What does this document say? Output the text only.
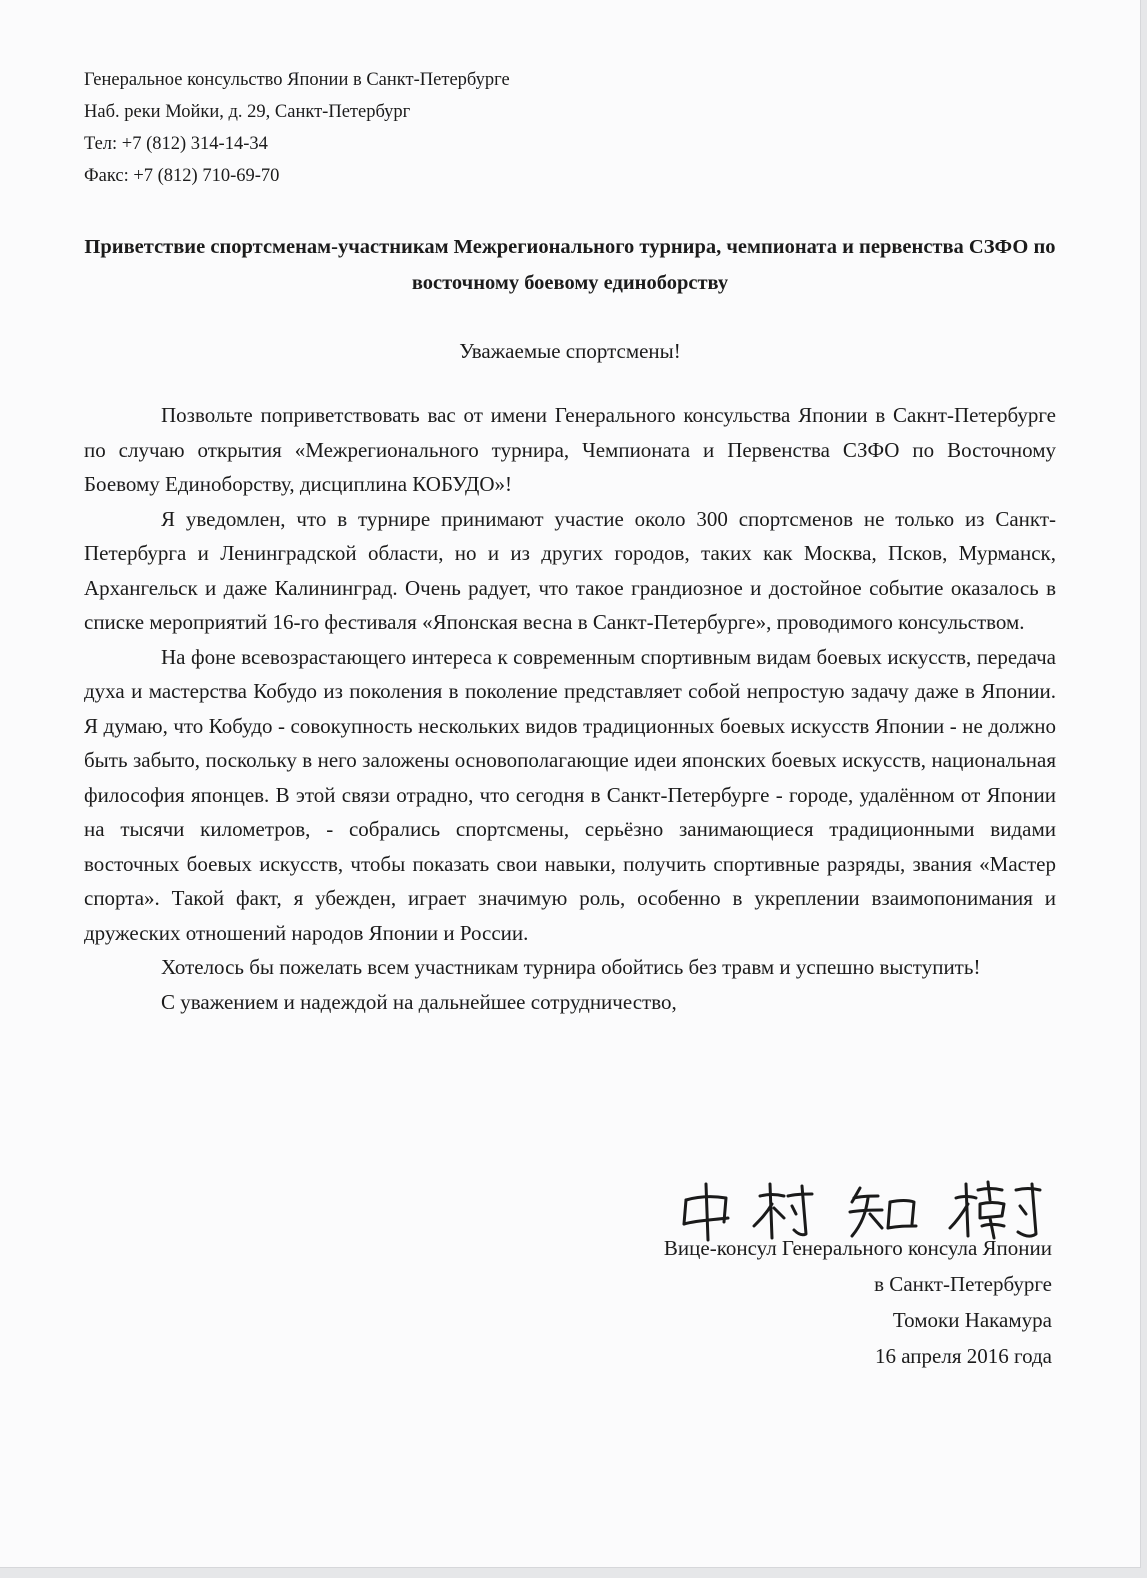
Генеральное консульство Японии в Санкт-Петербурге
Наб. реки Мойки, д. 29, Санкт-Петербург
Тел: +7 (812) 314-14-34
Факс: +7 (812) 710-69-70
Приветствие спортсменам-участникам Межрегионального турнира, чемпионата и первенства СЗФО по восточному боевому единоборству
Уважаемые спортсмены!

Позвольте поприветствовать вас от имени Генерального консульства Японии в Сакнт-Петербурге по случаю открытия «Межрегионального турнира, Чемпионата и Первенства СЗФО по Восточному Боевому Единоборству, дисциплина КОБУДО»!

Я уведомлен, что в турнире принимают участие около 300 спортсменов не только из Санкт-Петербурга и Ленинградской области, но и из других городов, таких как Москва, Псков, Мурманск, Архангельск и даже Калининград. Очень радует, что такое грандиозное и достойное событие оказалось в списке мероприятий 16-го фестиваля «Японская весна в Санкт-Петербурге», проводимого консульством.

На фоне всевозрастающего интереса к современным спортивным видам боевых искусств, передача духа и мастерства Кобудо из поколения в поколение представляет собой непростую задачу даже в Японии. Я думаю, что Кобудо - совокупность нескольких видов традиционных боевых искусств Японии - не должно быть забыто, поскольку в него заложены основополагающие идеи японских боевых искусств, национальная философия японцев. В этой связи отрадно, что сегодня в Санкт-Петербурге - городе, удалённом от Японии на тысячи километров, - собрались спортсмены, серьёзно занимающиеся традиционными видами восточных боевых искусств, чтобы показать свои навыки, получить спортивные разряды, звания «Мастер спорта». Такой факт, я убежден, играет значимую роль, особенно в укреплении взаимопонимания и дружеских отношений народов Японии и России.

Хотелось бы пожелать всем участникам турнира обойтись без травм и успешно выступить!

С уважением и надеждой на дальнейшее сотрудничество,

Вице-консул Генерального консула Японии
в Санкт-Петербурге
Томоки Накамура
16 апреля 2016 года
